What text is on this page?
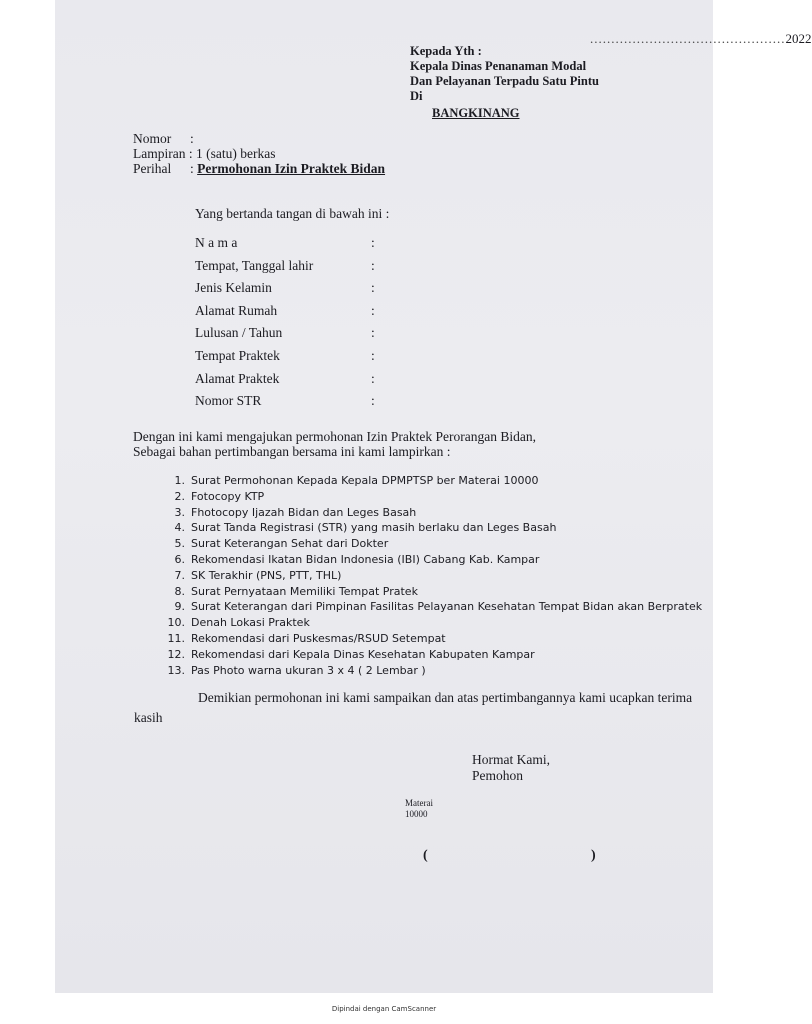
..............................................2022
Kepada Yth :
Kepala Dinas Penanaman Modal
Dan Pelayanan Terpadu Satu Pintu
Di
BANGKINANG
Nomor :
Lampiran : 1 (satu) berkas
Perihal : Permohonan Izin Praktek Bidan
Yang bertanda tangan di bawah ini :
N a m a	:
Tempat, Tanggal lahir	:
Jenis Kelamin	:
Alamat Rumah	:
Lulusan / Tahun	:
Tempat Praktek	:
Alamat Praktek	:
Nomor STR	:
Dengan ini kami mengajukan permohonan Izin Praktek Perorangan Bidan,
Sebagai bahan pertimbangan bersama ini kami lampirkan :
1. Surat Permohonan Kepada Kepala DPMPTSP ber Materai 10000
2. Fotocopy KTP
3. Fhotocopy Ijazah Bidan dan Leges Basah
4. Surat Tanda Registrasi (STR) yang masih berlaku dan Leges Basah
5. Surat Keterangan Sehat dari Dokter
6. Rekomendasi Ikatan Bidan Indonesia (IBI) Cabang Kab. Kampar
7. SK Terakhir (PNS, PTT, THL)
8. Surat Pernyataan Memiliki Tempat Pratek
9. Surat Keterangan dari Pimpinan Fasilitas Pelayanan Kesehatan Tempat Bidan akan Berpratek
10. Denah Lokasi Praktek
11. Rekomendasi dari Puskesmas/RSUD Setempat
12. Rekomendasi dari Kepala Dinas Kesehatan Kabupaten Kampar
13. Pas Photo warna ukuran 3 x 4 ( 2 Lembar )
Demikian permohonan ini kami sampaikan dan atas pertimbangannya kami ucapkan terima
kasih
Hormat Kami,
Pemohon
Materai
10000
(	)
Dipindai dengan CamScanner
